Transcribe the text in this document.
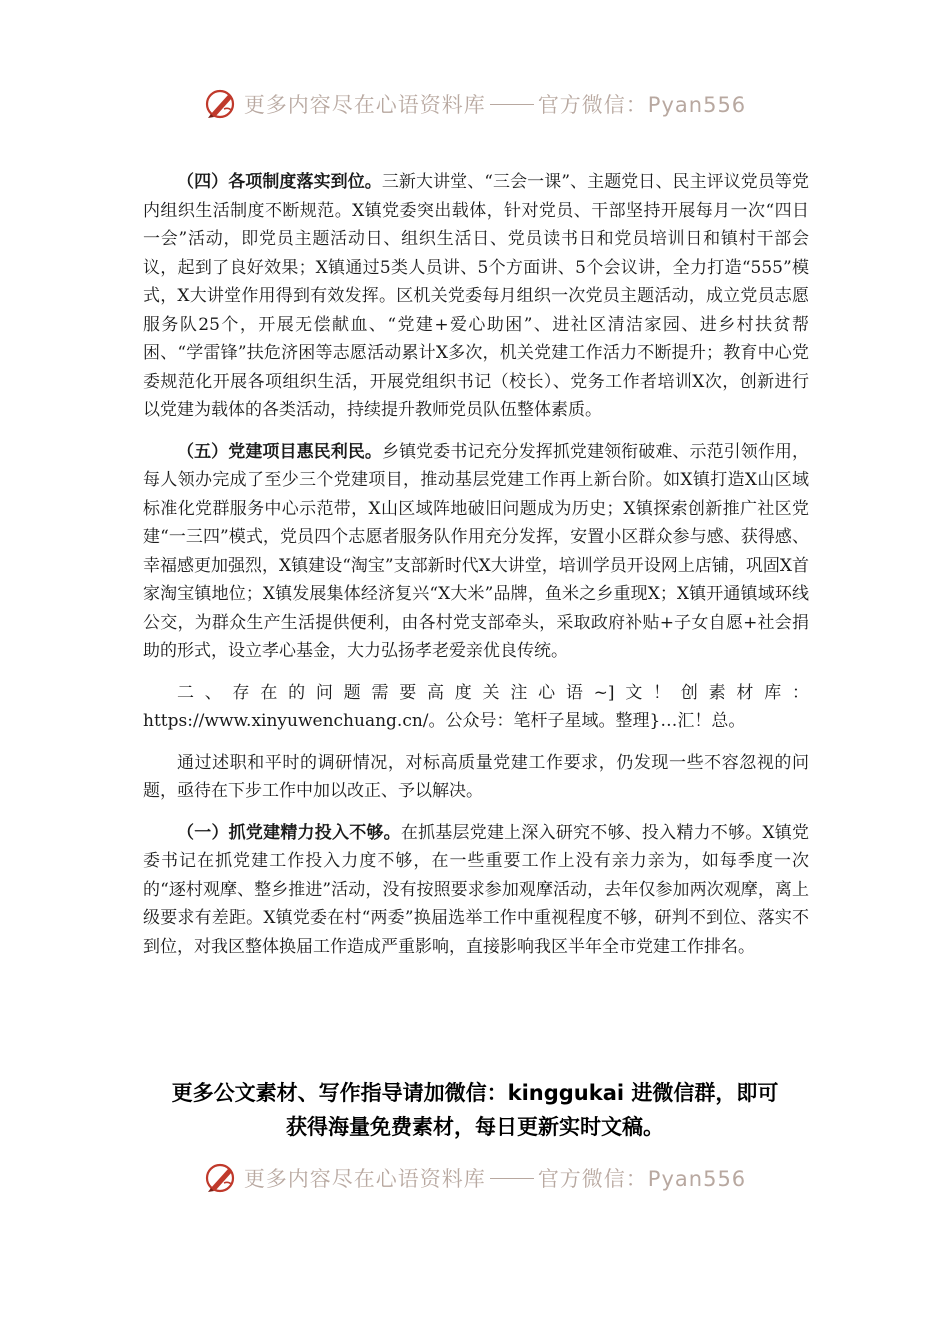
更多内容尽在心语资料库 官方微信：Pyan556

（四）各项制度落实到位。三新大讲堂、“三会一课”、主题党日、民主评议党员等党内组织生活制度不断规范。X镇党委突出载体，针对党员、干部坚持开展每月一次“四日一会”活动，即党员主题活动日、组织生活日、党员读书日和党员培训日和镇村干部会议，起到了良好效果；X镇通过5类人员讲、5个方面讲、5个会议讲，全力打造“555”模式，X大讲堂作用得到有效发挥。区机关党委每月组织一次党员主题活动，成立党员志愿服务队25个，开展无偿献血、“党建+爱心助困”、进社区清洁家园、进乡村扶贫帮困、“学雷锋”扶危济困等志愿活动累计X多次，机关党建工作活力不断提升；教育中心党委规范化开展各项组织生活，开展党组织书记（校长）、党务工作者培训X次，创新进行以党建为载体的各类活动，持续提升教师党员队伍整体素质。

（五）党建项目惠民利民。乡镇党委书记充分发挥抓党建领衔破难、示范引领作用，每人领办完成了至少三个党建项目，推动基层党建工作再上新台阶。如X镇打造X山区域标准化党群服务中心示范带，X山区域阵地破旧问题成为历史；X镇探索创新推广社区党建“一三四”模式，党员四个志愿者服务队作用充分发挥，安置小区群众参与感、获得感、幸福感更加强烈，X镇建设“淘宝”支部新时代X大讲堂，培训学员开设网上店铺，巩固X首家淘宝镇地位；X镇发展集体经济复兴“X大米”品牌，鱼米之乡重现X；X镇开通镇域环线公交，为群众生产生活提供便利，由各村党支部牵头，采取政府补贴+子女自愿+社会捐助的形式，设立孝心基金，大力弘扬孝老爱亲优良传统。

二、存在的问题需要高度关注心语~]文！创素材库：https://www.xinyuwenchuang.cn/。公众号：笔杆子星域。整理}…汇！总。

通过述职和平时的调研情况，对标高质量党建工作要求，仍发现一些不容忽视的问题，亟待在下步工作中加以改正、予以解决。

（一）抓党建精力投入不够。在抓基层党建上深入研究不够、投入精力不够。X镇党委书记在抓党建工作投入力度不够，在一些重要工作上没有亲力亲为，如每季度一次的“逐村观摩、整乡推进”活动，没有按照要求参加观摩活动，去年仅参加两次观摩，离上级要求有差距。X镇党委在村“两委”换届选举工作中重视程度不够，研判不到位、落实不到位，对我区整体换届工作造成严重影响，直接影响我区半年全市党建工作排名。

更多公文素材、写作指导请加微信：kinggukai 进微信群，即可
获得海量免费素材，每日更新实时文稿。
更多内容尽在心语资料库 官方微信：Pyan556
